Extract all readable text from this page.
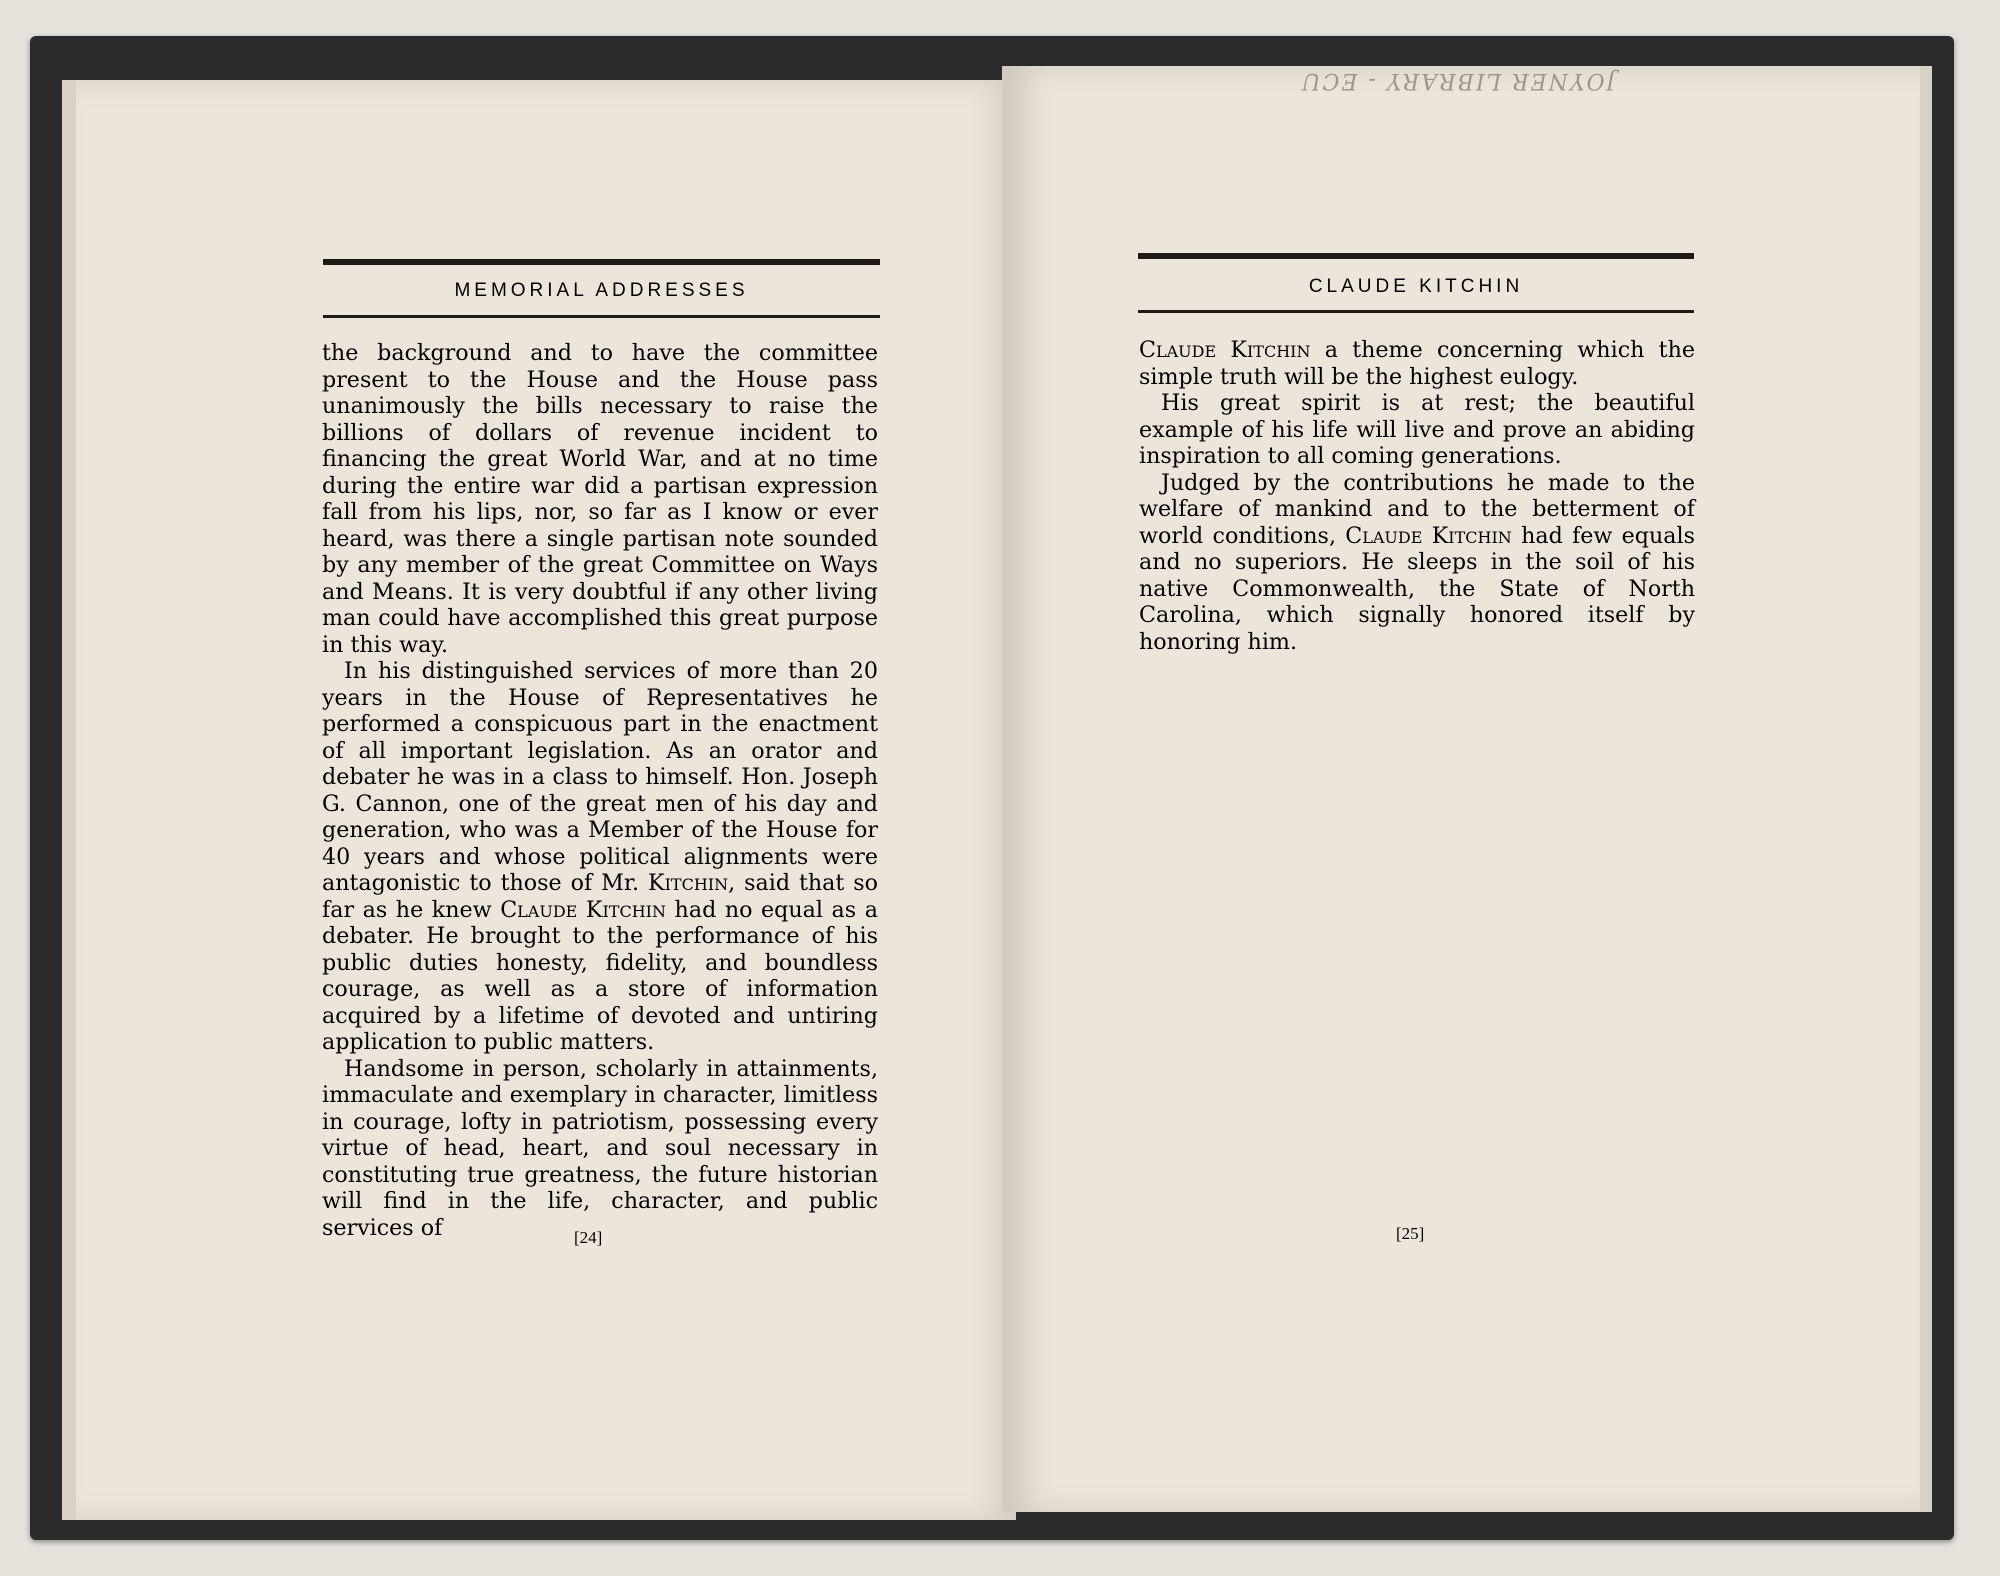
JOYNER LIBRARY - ECU
MEMORIAL ADDRESSES

the background and to have the committee present to the House and the House pass unanimously the bills necessary to raise the billions of dollars of revenue incident to financing the great World War, and at no time during the entire war did a partisan expression fall from his lips, nor, so far as I know or ever heard, was there a single partisan note sounded by any member of the great Committee on Ways and Means. It is very doubtful if any other living man could have accomplished this great purpose in this way.

In his distinguished services of more than 20 years in the House of Representatives he performed a conspicuous part in the enactment of all important legislation. As an orator and debater he was in a class to himself. Hon. Joseph G. Cannon, one of the great men of his day and generation, who was a Member of the House for 40 years and whose political alignments were antagonistic to those of Mr. Kitchin, said that so far as he knew Claude Kitchin had no equal as a debater. He brought to the performance of his public duties honesty, fidelity, and boundless courage, as well as a store of information acquired by a lifetime of devoted and untiring application to public matters.

Handsome in person, scholarly in attainments, immaculate and exemplary in character, limitless in courage, lofty in patriotism, possessing every virtue of head, heart, and soul necessary in constituting true greatness, the future historian will find in the life, character, and public services of	[24]
CLAUDE KITCHIN

Claude Kitchin a theme concerning which the simple truth will be the highest eulogy.

His great spirit is at rest; the beautiful example of his life will live and prove an abiding inspiration to all coming generations.

Judged by the contributions he made to the welfare of mankind and to the betterment of world conditions, Claude Kitchin had few equals and no superiors. He sleeps in the soil of his native Commonwealth, the State of North Carolina, which signally honored itself by honoring him.

[25]
